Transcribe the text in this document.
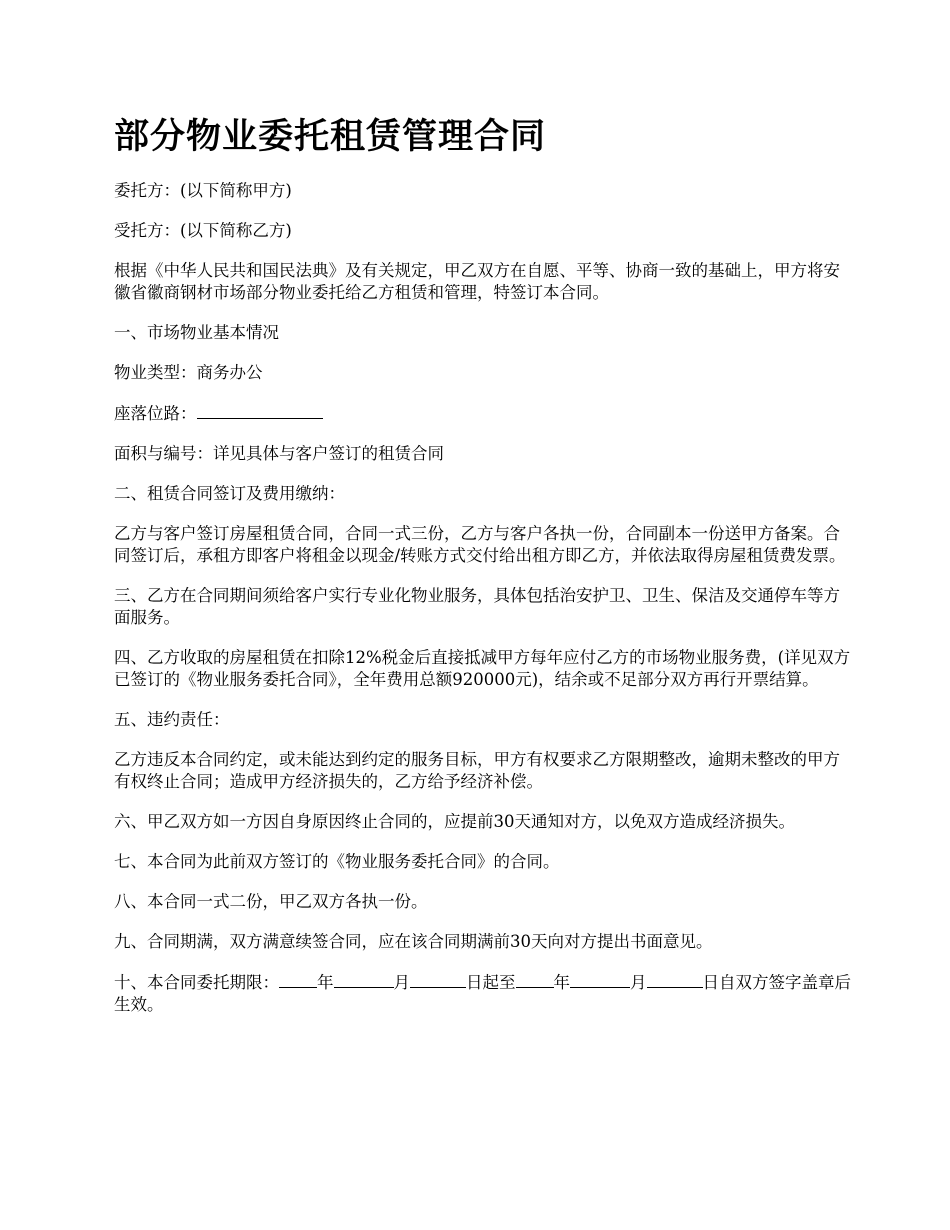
部分物业委托租赁管理合同

委托方：(以下简称甲方)

受托方：(以下简称乙方)

根据《中华人民共和国民法典》及有关规定，甲乙双方在自愿、平等、协商一致的基础上，甲方将安徽省徽商钢材市场部分物业委托给乙方租赁和管理，特签订本合同。

一、市场物业基本情况

物业类型：商务办公

座落位路：

面积与编号：详见具体与客户签订的租赁合同

二、租赁合同签订及费用缴纳：

乙方与客户签订房屋租赁合同，合同一式三份，乙方与客户各执一份，合同副本一份送甲方备案。合同签订后，承租方即客户将租金以现金/转账方式交付给出租方即乙方，并依法取得房屋租赁费发票。

三、乙方在合同期间须给客户实行专业化物业服务，具体包括治安护卫、卫生、保洁及交通停车等方面服务。

四、乙方收取的房屋租赁在扣除12%税金后直接抵减甲方每年应付乙方的市场物业服务费，(详见双方已签订的《物业服务委托合同》，全年费用总额920000元)，结余或不足部分双方再行开票结算。

五、违约责任：

乙方违反本合同约定，或未能达到约定的服务目标，甲方有权要求乙方限期整改，逾期未整改的甲方有权终止合同；造成甲方经济损失的，乙方给予经济补偿。

六、甲乙双方如一方因自身原因终止合同的，应提前30天通知对方，以免双方造成经济损失。

七、本合同为此前双方签订的《物业服务委托合同》的合同。

八、本合同一式二份，甲乙双方各执一份。

九、合同期满，双方满意续签合同，应在该合同期满前30天向对方提出书面意见。

十、本合同委托期限： 年	月	日起至 年	月	日自双方签字盖章后生效。
